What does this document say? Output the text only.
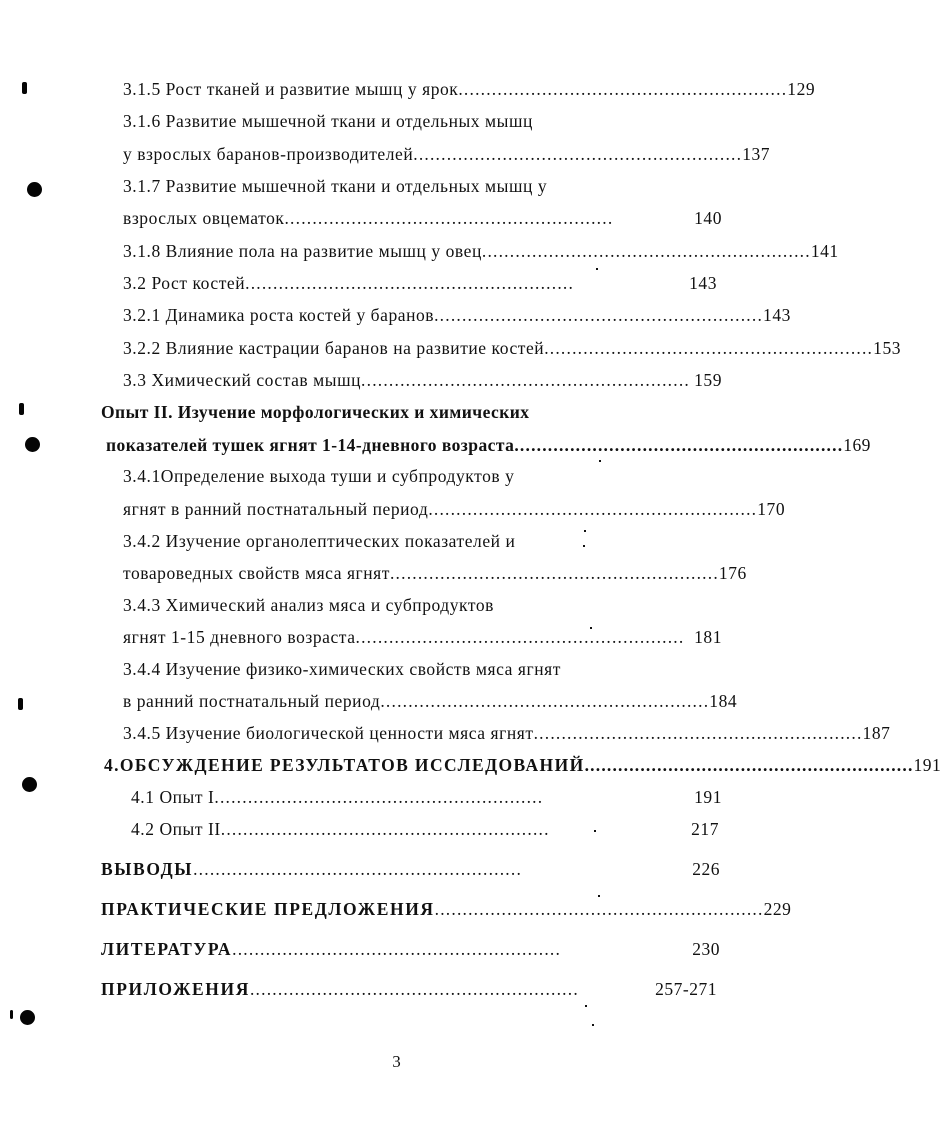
3.1.5 Рост тканей и развитие мышц у ярок ........................................................... 129
3.1.6 Развитие мышечной ткани и отдельных мышц
у взрослых баранов-производителей ........................................................... 137
3.1.7 Развитие мышечной ткани и отдельных мышц у
взрослых овцематок ...........................................................	140
3.1.8 Влияние пола на развитие мышц у овец ........................................................... 141
3.2 Рост костей ...........................................................	143
3.2.1 Динамика роста костей у баранов ........................................................... 143
3.2.2 Влияние кастрации баранов на развитие костей ........................................................... 153
3.3 Химический состав мышц ........................................................... 159
Опыт II. Изучение морфологических и химических
показателей тушек ягнят 1-14-дневного возраста ........................................................... 169
3.4.1Определение выхода туши и субпродуктов у
ягнят в ранний постнатальный период ........................................................... 170
3.4.2 Изучение органолептических показателей и
товароведных свойств мяса ягнят ........................................................... 176
3.4.3 Химический анализ мяса и субпродуктов
ягнят 1-15 дневного возраста ........................................................... 181
3.4.4 Изучение физико-химических свойств мяса ягнят
в ранний постнатальный период ........................................................... 184
3.4.5 Изучение биологической ценности мяса ягнят ........................................................... 187
4.ОБСУЖДЕНИЕ РЕЗУЛЬТАТОВ ИССЛЕДОВАНИЙ ........................................................... 191
4.1 Опыт I ...........................................................	191
4.2 Опыт II ...........................................................	217
ВЫВОДЫ ...........................................................	226
ПРАКТИЧЕСКИЕ ПРЕДЛОЖЕНИЯ ........................................................... 229
ЛИТЕРАТУРА ...........................................................	230
ПРИЛОЖЕНИЯ ...........................................................	257-271
3
